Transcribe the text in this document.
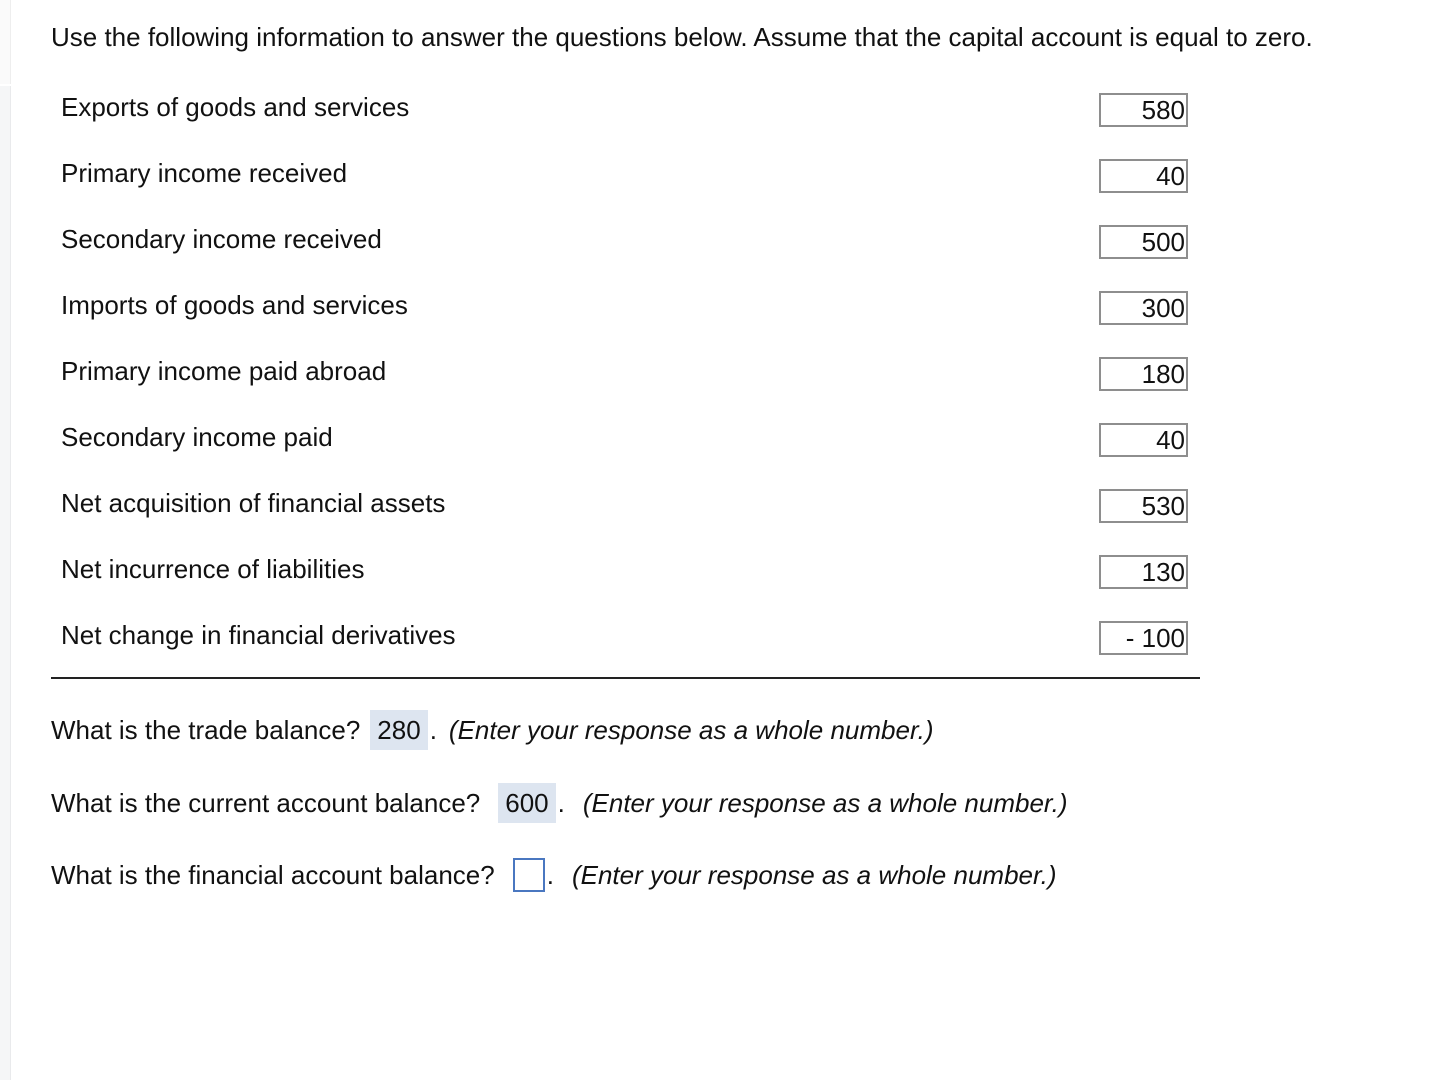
Use the following information to answer the questions below. Assume that the capital account is equal to zero.
Exports of goods and services	580
Primary income received	40
Secondary income received	500
Imports of goods and services	300
Primary income paid abroad	180
Secondary income paid	40
Net acquisition of financial assets	530
Net incurrence of liabilities	130
Net change in financial derivatives	- 100
What is the trade balance? 280 . (Enter your response as a whole number.)
What is the current account balance? 600 . (Enter your response as a whole number.)
What is the financial account balance? . (Enter your response as a whole number.)
